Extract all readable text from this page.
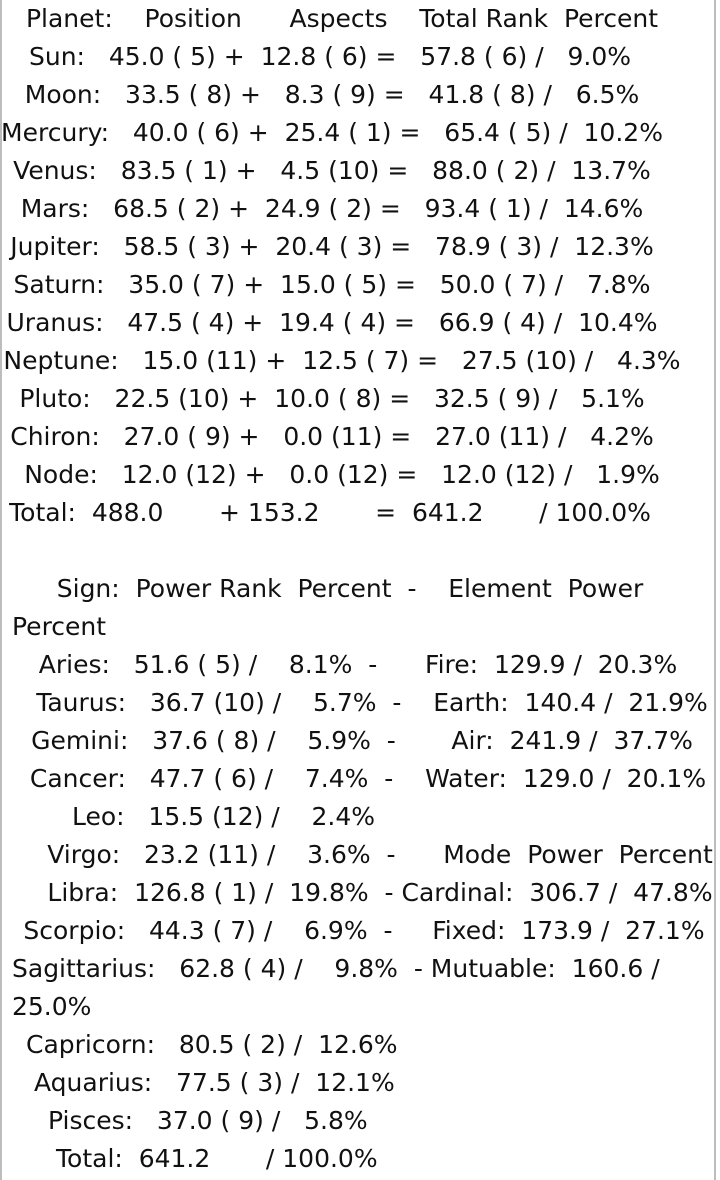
Planet:    Position      Aspects    Total Rank  Percent
Sun:   45.0 ( 5) +  12.8 ( 6) =   57.8 ( 6) /   9.0%
Moon:   33.5 ( 8) +   8.3 ( 9) =   41.8 ( 8) /   6.5%
Mercury:   40.0 ( 6) +  25.4 ( 1) =   65.4 ( 5) /  10.2%
Venus:   83.5 ( 1) +   4.5 (10) =   88.0 ( 2) /  13.7%
Mars:   68.5 ( 2) +  24.9 ( 2) =   93.4 ( 1) /  14.6%
Jupiter:   58.5 ( 3) +  20.4 ( 3) =   78.9 ( 3) /  12.3%
Saturn:   35.0 ( 7) +  15.0 ( 5) =   50.0 ( 7) /   7.8%
Uranus:   47.5 ( 4) +  19.4 ( 4) =   66.9 ( 4) /  10.4%
Neptune:   15.0 (11) +  12.5 ( 7) =   27.5 (10) /   4.3%
Pluto:   22.5 (10) +  10.0 ( 8) =   32.5 ( 9) /   5.1%
Chiron:   27.0 ( 9) +   0.0 (11) =   27.0 (11) /   4.2%
Node:   12.0 (12) +   0.0 (12) =   12.0 (12) /   1.9%
Total:  488.0       + 153.2       =  641.2       / 100.0%
Sign:  Power Rank  Percent  -    Element  Power
Percent
Aries:   51.6 ( 5) /    8.1%  -      Fire:  129.9 /  20.3%
Taurus:   36.7 (10) /    5.7%  -    Earth:  140.4 /  21.9%
Gemini:   37.6 ( 8) /    5.9%  -       Air:  241.9 /  37.7%
Cancer:   47.7 ( 6) /    7.4%  -    Water:  129.0 /  20.1%
Leo:   15.5 (12) /    2.4%
Virgo:   23.2 (11) /    3.6%  -      Mode  Power  Percent
Libra:  126.8 ( 1) /  19.8%  - Cardinal:  306.7 /  47.8%
Scorpio:   44.3 ( 7) /    6.9%  -     Fixed:  173.9 /  27.1%
Sagittarius:   62.8 ( 4) /    9.8%  - Mutuable:  160.6 /
25.0%
Capricorn:   80.5 ( 2) /  12.6%
Aquarius:   77.5 ( 3) /  12.1%
Pisces:   37.0 ( 9) /   5.8%
Total:  641.2       / 100.0%
